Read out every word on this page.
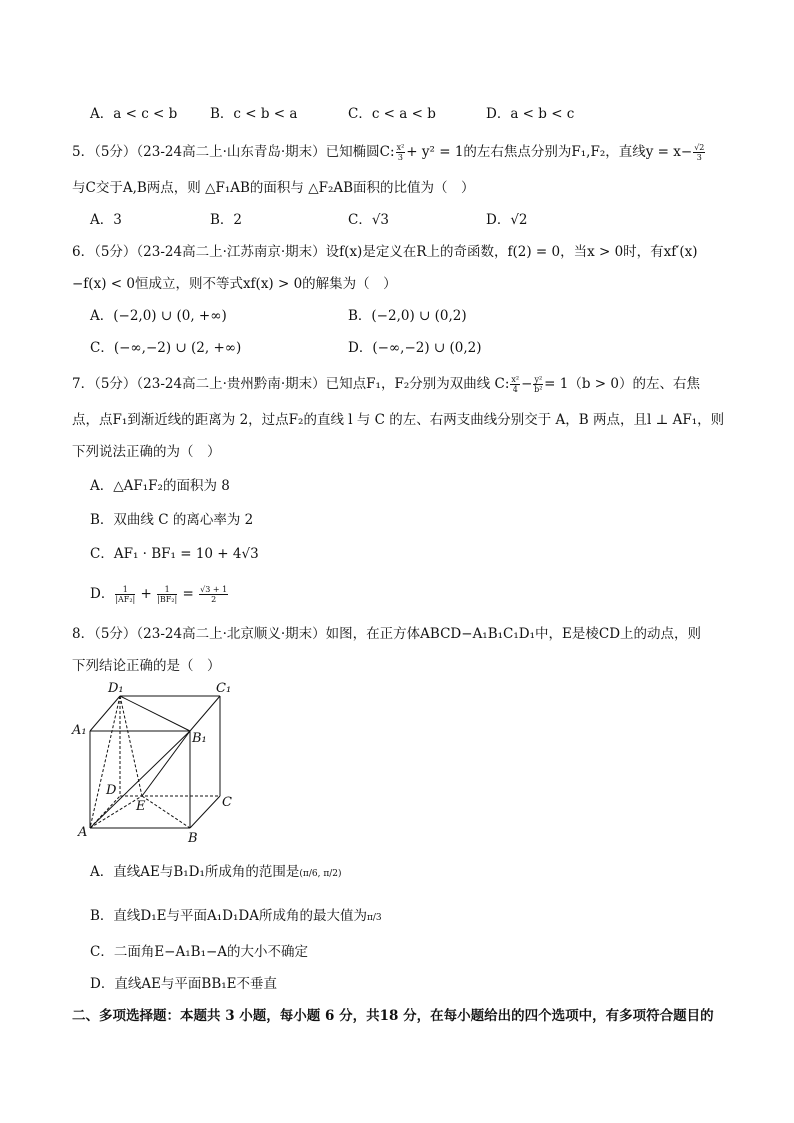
A．a < c < b B．c < b < a	C．c < a < b	D．a < b < c
5．（5分）（23-24高二上·山东青岛·期末）已知椭圆C: $\frac{\text{x²}}{3} + y^2 = 1$的左右焦点分别为F₁,F₂，直线$y = x- \frac{√2}{3}$
与C交于A,B两点，则 △F₁AB的面积与 △F₂AB面积的比值为（　）
A．3	B．2	C．√3	D．√2
6．（5分）（23-24高二上·江苏南京·期末）设f(x)是定义在R上的奇函数，f(2) = 0，当x > 0时，有xf′(x)
−f(x) < 0恒成立，则不等式xf(x) > 0的解集为（　）
A．(−2,0) ∪ (0, +∞)	B．(−2,0) ∪ (0,2)
C．(−∞,−2) ∪ (2, +∞)	D．(−∞,−2) ∪ (0,2)
7．（5分）（23-24高二上·贵州黔南·期末）已知点F₁，F₂分别为双曲线 C: $\frac{\text{x²}}{4} - \frac{\text{y²}}{\text{b²}} = 1(b > 0)$的左、右焦
点，点F₁到渐近线的距离为 2，过点F₂的直线 l 与 C 的左、右两支曲线分别交于 A，B 两点，且l ⊥ AF₁，则
下列说法正确的为（　）
A．△AF₁F₂的面积为 8
B．双曲线 C 的离心率为 2
C．AF₁ · BF₁ = 10 + 4√3
D． $\frac{1}{\text{|AF₂|}} + \frac{1}{\text{|BF₂|}} = \frac{√3 + 1}{2}$
8．（5分）（23-24高二上·北京顺义·期末）如图，在正方体ABCD−A₁B₁C₁D₁中，E是棱CD上的动点，则
下列结论正确的是（　）
D₁	C₁
A₁
B₁
D
E	C
A	B
A．直线AE与B₁D₁所成角的范围是(π/6, π/2)
B．直线D₁E与平面A₁D₁DA所成角的最大值为π/3
C．二面角E−A₁B₁−A的大小不确定
D．直线AE与平面BB₁E不垂直
二、多项选择题：本题共 3 小题，每小题 6 分，共18 分，在每小题给出的四个选项中，有多项符合题目的
